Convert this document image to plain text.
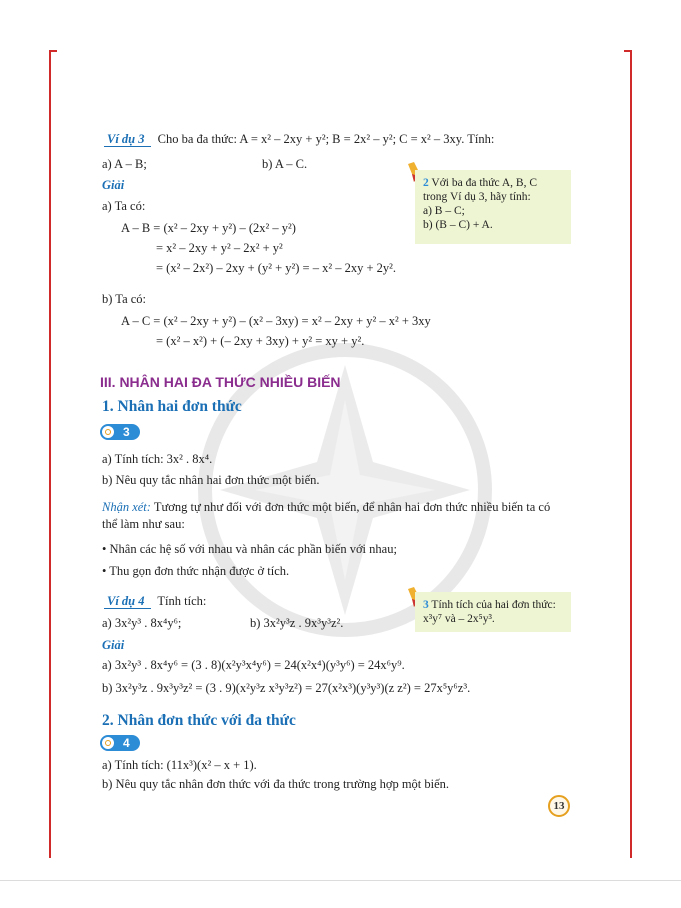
Ví dụ 3 Cho ba đa thức: A = x² – 2xy + y²; B = 2x² – y²; C = x² – 3xy. Tính:
a) A – B;	b) A – C.
Giải
a) Ta có:
A – B = (x² – 2xy + y²) – (2x² – y²)
= x² – 2xy + y² – 2x² + y²
= (x² – 2x²) – 2xy + (y² + y²) = – x² – 2xy + 2y².
b) Ta có:
A – C = (x² – 2xy + y²) – (x² – 3xy) = x² – 2xy + y² – x² + 3xy
= (x² – x²) + (– 2xy + 3xy) + y² = xy + y².
2 Với ba đa thức A, B, C
trong Ví dụ 3, hãy tính:
a) B – C;
b) (B – C) + A.
III. NHÂN HAI ĐA THỨC NHIỀU BIẾN
1. Nhân hai đơn thức
3
a) Tính tích: 3x² . 8x⁴.
b) Nêu quy tắc nhân hai đơn thức một biến.
Nhận xét: Tương tự như đối với đơn thức một biến, để nhân hai đơn thức nhiều biến ta có
thể làm như sau:
• Nhân các hệ số với nhau và nhân các phần biến với nhau;
• Thu gọn đơn thức nhận được ở tích.
Ví dụ 4 Tính tích:
a) 3x²y³ . 8x⁴y⁶;	b) 3x²y³z . 9x³y³z².
Giải
a) 3x²y³ . 8x⁴y⁶ = (3 . 8)(x²y³x⁴y⁶) = 24(x²x⁴)(y³y⁶) = 24x⁶y⁹.
b) 3x²y³z . 9x³y³z² = (3 . 9)(x²y³z x³y³z²) = 27(x²x³)(y³y³)(z z²) = 27x⁵y⁶z³.
3 Tính tích của hai đơn thức:
x³y⁷ và – 2x⁵y³.
2. Nhân đơn thức với đa thức
4
a) Tính tích: (11x³)(x² – x + 1).
b) Nêu quy tắc nhân đơn thức với đa thức trong trường hợp một biến.
13
